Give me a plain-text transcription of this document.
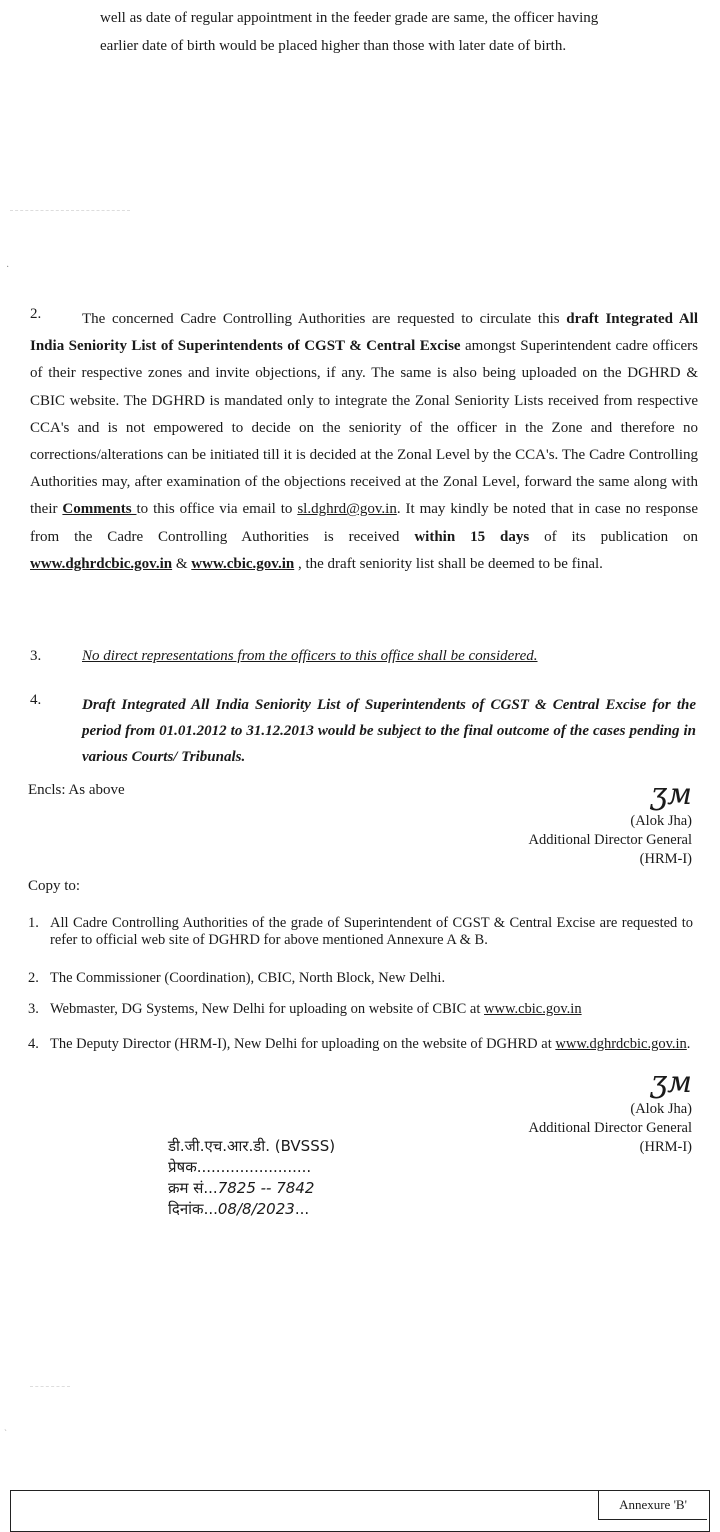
well as date of regular appointment in the feeder grade are same, the officer having
earlier date of birth would be placed higher than those with later date of birth.
·
2.	The concerned Cadre Controlling Authorities are requested to circulate this draft Integrated All India Seniority List of Superintendents of CGST & Central Excise amongst Superintendent cadre officers of their respective zones and invite objections, if any. The same is also being uploaded on the DGHRD & CBIC website. The DGHRD is mandated only to integrate the Zonal Seniority Lists received from respective CCA's and is not empowered to decide on the seniority of the officer in the Zone and therefore no corrections/alterations can be initiated till it is decided at the Zonal Level by the CCA's. The Cadre Controlling Authorities may, after examination of the objections received at the Zonal Level, forward the same along with their Comments to this office via email to sl.dghrd@gov.in. It may kindly be noted that in case no response from the Cadre Controlling Authorities is received within 15 days of its publication on www.dghrdcbic.gov.in & www.cbic.gov.in , the draft seniority list shall be deemed to be final.
3.	No direct representations from the officers to this office shall be considered.
4.	Draft Integrated All India Seniority List of Superintendents of CGST & Central Excise for the period from 01.01.2012 to 31.12.2013 would be subject to the final outcome of the cases pending in various Courts/ Tribunals.
Encls: As above	ʒм
(Alok Jha)
Additional Director General
(HRM-I)
Copy to:
1. All Cadre Controlling Authorities of the grade of Superintendent of CGST & Central Excise are requested to refer to official web site of DGHRD for above mentioned Annexure A & B.
2. The Commissioner (Coordination), CBIC, North Block, New Delhi.
3. Webmaster, DG Systems, New Delhi for uploading on website of CBIC at www.cbic.gov.in
4. The Deputy Director (HRM-I), New Delhi for uploading on the website of DGHRD at www.dghrdcbic.gov.in.
ʒм
(Alok Jha)
Additional Director General
(HRM-I)
डी.जी.एच.आर.डी. (BVSSS)
प्रेषक........................
क्रम सं...7825 -- 7842
दिनांक...08/8/2023...
`
Annexure 'B'
